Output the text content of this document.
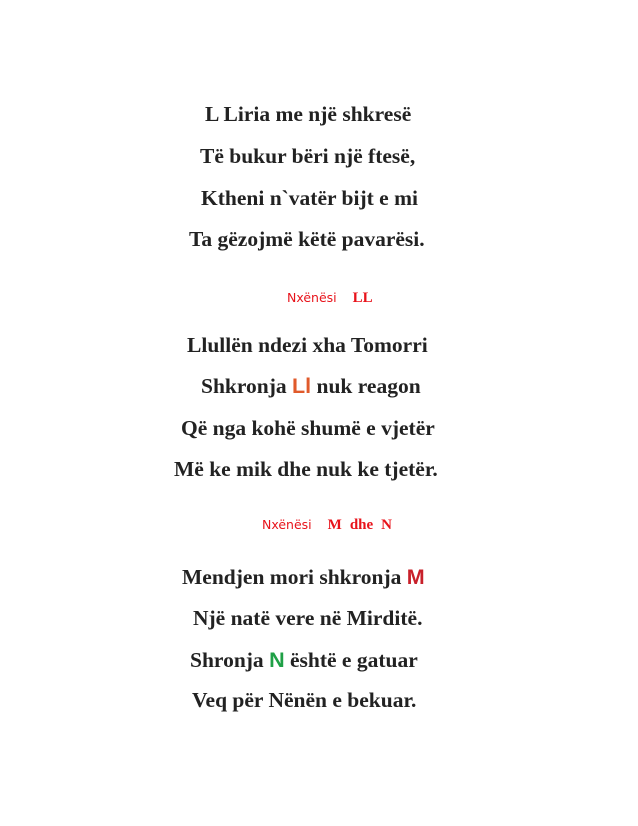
L Liria me një shkresë
Të bukur bëri një ftesë,
Ktheni n`vatër bijt e mi
Ta gëzojmë këtë pavarësi.
Nxënësi LL
Llullën ndezi xha Tomorri
Shkronja Ll nuk reagon
Që nga kohë shumë e vjetër
Më ke mik dhe nuk ke tjetër.
Nxënësi M dhe N
Mendjen mori shkronja M
Një natë vere në Mirditë.
Shronja N është e gatuar
Veq për Nënën e bekuar.
